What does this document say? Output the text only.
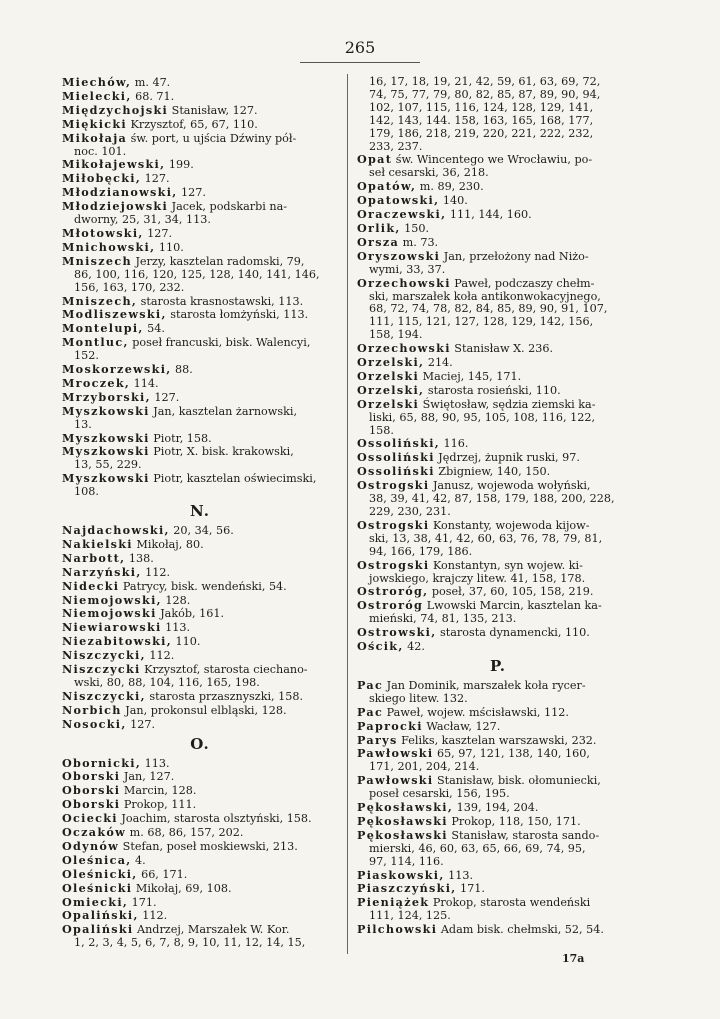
265
Miechów, m. 47.
Mielecki, 68. 71.
Międzychojski Stanisław, 127.
Miękicki Krzysztof, 65, 67, 110.
Mikołaja św. port, u ujścia Dźwiny pół-
noc. 101.
Mikołajewski, 199.
Miłobęcki, 127.
Młodzianowski, 127.
Młodziejowski Jacek, podskarbi na-
dworny, 25, 31, 34, 113.
Młotowski, 127.
Mnichowski, 110.
Mniszech Jerzy, kasztelan radomski, 79,
86, 100, 116, 120, 125, 128, 140, 141, 146,
156, 163, 170, 232.
Mniszech, starosta krasnostawski, 113.
Modliszewski, starosta łomżyński, 113.
Montelupi, 54.
Montluc, poseł francuski, bisk. Walencyi,
152.
Moskorzewski, 88.
Mroczek, 114.
Mrzyborski, 127.
Myszkowski Jan, kasztelan żarnowski,
13.
Myszkowski Piotr, 158.
Myszkowski Piotr, X. bisk. krakowski,
13, 55, 229.
Myszkowski Piotr, kasztelan oświecimski,
108.
N.
Najdachowski, 20, 34, 56.
Nakielski Mikołaj, 80.
Narbott, 138.
Narzyński, 112.
Nidecki Patrycy, bisk. wendeński, 54.
Niemojowski, 128.
Niemojowski Jakób, 161.
Niewiarowski 113.
Niezabitowski, 110.
Niszczycki, 112.
Niszczycki Krzysztof, starosta ciechano-
wski, 80, 88, 104, 116, 165, 198.
Niszczycki, starosta przasznyszki, 158.
Norbich Jan, prokonsul elbląski, 128.
Nosocki, 127.
O.
Obornicki, 113.
Oborski Jan, 127.
Oborski Marcin, 128.
Oborski Prokop, 111.
Ociecki Joachim, starosta olsztyński, 158.
Oczaków m. 68, 86, 157, 202.
Odynów Stefan, poseł moskiewski, 213.
Oleśnica, 4.
Oleśnicki, 66, 171.
Oleśnicki Mikołaj, 69, 108.
Omiecki, 171.
Opaliński, 112.
Opaliński Andrzej, Marszałek W. Kor.
1, 2, 3, 4, 5, 6, 7, 8, 9, 10, 11, 12, 14, 15,
16, 17, 18, 19, 21, 42, 59, 61, 63, 69, 72,
74, 75, 77, 79, 80, 82, 85, 87, 89, 90, 94,
102, 107, 115, 116, 124, 128, 129, 141,
142, 143, 144. 158, 163, 165, 168, 177,
179, 186, 218, 219, 220, 221, 222, 232,
233, 237.
Opat św. Wincentego we Wrocławiu, po-
seł cesarski, 36, 218.
Opatów, m. 89, 230.
Opatowski, 140.
Oraczewski, 111, 144, 160.
Orlik, 150.
Orsza m. 73.
Oryszowski Jan, przełożony nad Niżo-
wymi, 33, 37.
Orzechowski Paweł, podczaszy chełm-
ski, marszałek koła antikonwokacyjnego,
68, 72, 74, 78, 82, 84, 85, 89, 90, 91, 107,
111, 115, 121, 127, 128, 129, 142, 156,
158, 194.
Orzechowski Stanisław X. 236.
Orzelski, 214.
Orzelski Maciej, 145, 171.
Orzelski, starosta rosieński, 110.
Orzelski Świętosław, sędzia ziemski ka-
liski, 65, 88, 90, 95, 105, 108, 116, 122,
158.
Ossoliński, 116.
Ossoliński Jędrzej, żupnik ruski, 97.
Ossoliński Zbigniew, 140, 150.
Ostrogski Janusz, wojewoda wołyński,
38, 39, 41, 42, 87, 158, 179, 188, 200, 228,
229, 230, 231.
Ostrogski Konstanty, wojewoda kijow-
ski, 13, 38, 41, 42, 60, 63, 76, 78, 79, 81,
94, 166, 179, 186.
Ostrogski Konstantyn, syn wojew. ki-
jowskiego, krajczy litew. 41, 158, 178.
Ostroróg, poseł, 37, 60, 105, 158, 219.
Ostroróg Lwowski Marcin, kasztelan ka-
mieński, 74, 81, 135, 213.
Ostrowski, starosta dynamencki, 110.
Ościk, 42.
P.
Pac Jan Dominik, marszałek koła rycer-
skiego litew. 132.
Pac Paweł, wojew. mścisławski, 112.
Paprocki Wacław, 127.
Parys Feliks, kasztelan warszawski, 232.
Pawłowski 65, 97, 121, 138, 140, 160,
171, 201, 204, 214.
Pawłowski Stanisław, bisk. ołomuniecki,
poseł cesarski, 156, 195.
Pękosławski, 139, 194, 204.
Pękosławski Prokop, 118, 150, 171.
Pękosławski Stanisław, starosta sando-
mierski, 46, 60, 63, 65, 66, 69, 74, 95,
97, 114, 116.
Piaskowski, 113.
Piaszczyński, 171.
Pieniążek Prokop, starosta wendeński
111, 124, 125.
Pilchowski Adam bisk. chełmski, 52, 54.
17a
